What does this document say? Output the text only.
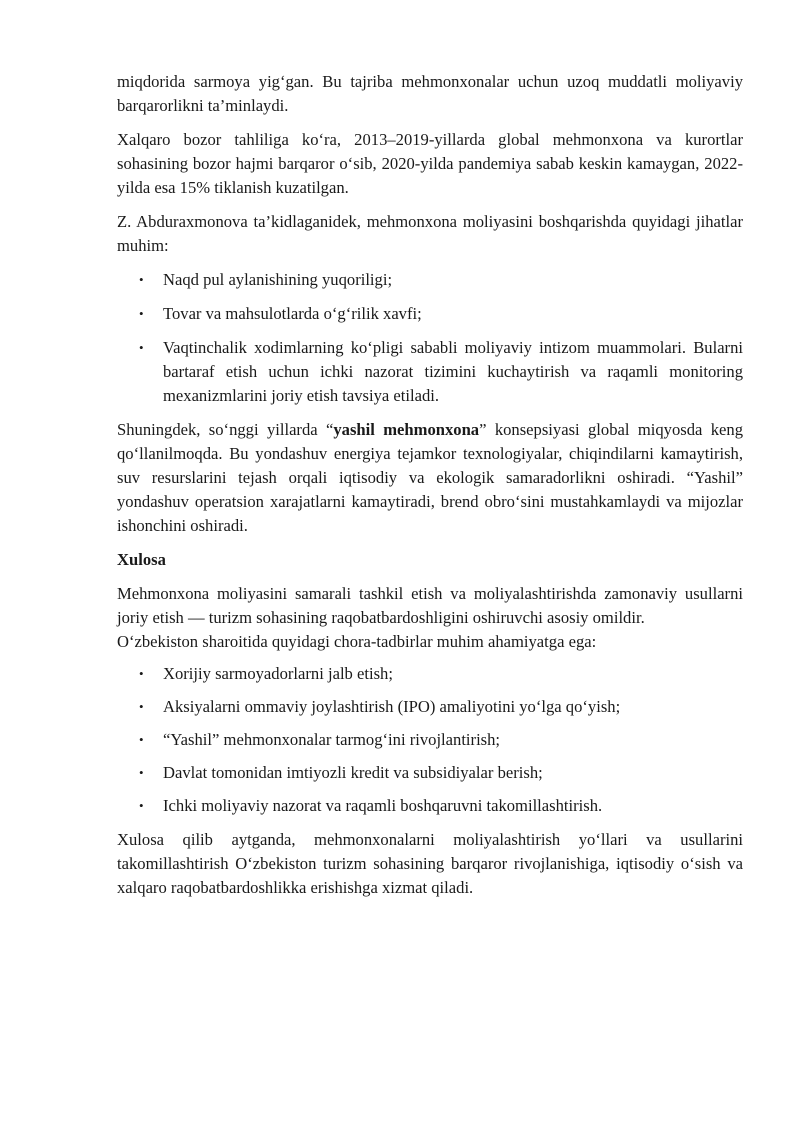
miqdorida sarmoya yig‘gan. Bu tajriba mehmonxonalar uchun uzoq muddatli moliyaviy barqarorlikni ta’minlaydi.

Xalqaro bozor tahliliga ko‘ra, 2013–2019-yillarda global mehmonxona va kurortlar sohasining bozor hajmi barqaror o‘sib, 2020-yilda pandemiya sabab keskin kamaygan, 2022-yilda esa 15% tiklanish kuzatilgan.

Z. Abduraxmonova ta’kidlaganidek, mehmonxona moliyasini boshqarishda quyidagi jihatlar muhim:

• Naqd pul aylanishining yuqoriligi;
• Tovar va mahsulotlarda o‘g‘rilik xavfi;
• Vaqtinchalik xodimlarning ko‘pligi sababli moliyaviy intizom muammolari. Bularni bartaraf etish uchun ichki nazorat tizimini kuchaytirish va raqamli monitoring mexanizmlarini joriy etish tavsiya etiladi.

Shuningdek, so‘nggi yillarda “yashil mehmonxona” konsepsiyasi global miqyosda keng qo‘llanilmoqda. Bu yondashuv energiya tejamkor texnologiyalar, chiqindilarni kamaytirish, suv resurslarini tejash orqali iqtisodiy va ekologik samaradorlikni oshiradi. “Yashil” yondashuv operatsion xarajatlarni kamaytiradi, brend obro‘sini mustahkamlaydi va mijozlar ishonchini oshiradi.

Xulosa

Mehmonxona moliyasini samarali tashkil etish va moliyalashtirishda zamonaviy usullarni joriy etish — turizm sohasining raqobatbardoshligini oshiruvchi asosiy omildir.

O‘zbekiston sharoitida quyidagi chora-tadbirlar muhim ahamiyatga ega:

• Xorijiy sarmoyadorlarni jalb etish;
• Aksiyalarni ommaviy joylashtirish (IPO) amaliyotini yo‘lga qo‘yish;
• “Yashil” mehmonxonalar tarmog‘ini rivojlantirish;
• Davlat tomonidan imtiyozli kredit va subsidiyalar berish;
• Ichki moliyaviy nazorat va raqamli boshqaruvni takomillashtirish.

Xulosa qilib aytganda, mehmonxonalarni moliyalashtirish yo‘llari va usullarini takomillashtirish O‘zbekiston turizm sohasining barqaror rivojlanishiga, iqtisodiy o‘sish va xalqaro raqobatbardoshlikka erishishga xizmat qiladi.
